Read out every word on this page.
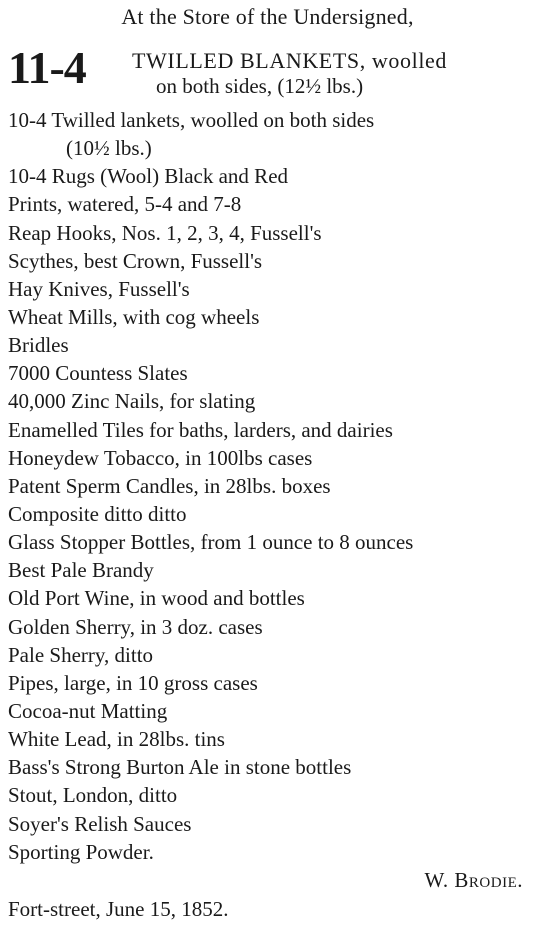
At the Store of the Undersigned,
11-4 TWILLED BLANKETS, woolled
on both sides, (12½ lbs.)
10-4 Twilled lankets, woolled on both sides
(10½ lbs.)
10-4 Rugs (Wool) Black and Red
Prints, watered, 5-4 and 7-8
Reap Hooks, Nos. 1, 2, 3, 4, Fussell's
Scythes, best Crown, Fussell's
Hay Knives, Fussell's
Wheat Mills, with cog wheels
Bridles
7000 Countess Slates
40,000 Zinc Nails, for slating
Enamelled Tiles for baths, larders, and dairies
Honeydew Tobacco, in 100lbs cases
Patent Sperm Candles, in 28lbs. boxes
Composite ditto ditto
Glass Stopper Bottles, from 1 ounce to 8 ounces
Best Pale Brandy
Old Port Wine, in wood and bottles
Golden Sherry, in 3 doz. cases
Pale Sherry, ditto
Pipes, large, in 10 gross cases
Cocoa-nut Matting
White Lead, in 28lbs. tins
Bass's Strong Burton Ale in stone bottles
Stout, London, ditto
Soyer's Relish Sauces
Sporting Powder.
W. Brodie.
Fort-street, June 15, 1852.
